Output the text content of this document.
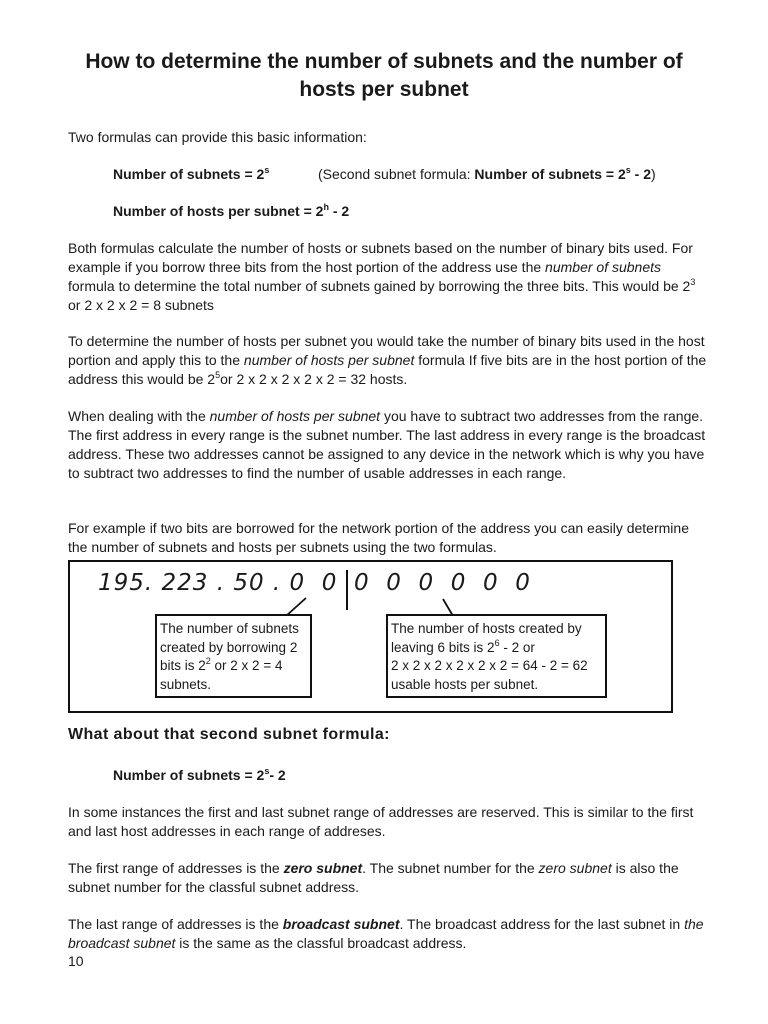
How to determine the number of subnets and the number of hosts per subnet
Two formulas can provide this basic information:
Number of subnets = $2^s$	(Second subnet formula: Number of subnets = $2^s - 2$)
Number of hosts per subnet = $2^h - 2$
Both formulas calculate the number of hosts or subnets based on the number of binary bits used. For example if you borrow three bits from the host portion of the address use the number of subnets formula to determine the total number of subnets gained by borrowing the three bits. This would be $2^3$ or 2 x 2 x 2 = 8 subnets
To determine the number of hosts per subnet you would take the number of binary bits used in the host portion and apply this to the number of hosts per subnet formula If five bits are in the host portion of the address this would be $2^5or$ 2 x 2 x 2 x 2 x 2 = 32 hosts.
When dealing with the number of hosts per subnet you have to subtract two addresses from the range. The first address in every range is the subnet number. The last address in every range is the broadcast address. These two addresses cannot be assigned to any device in the network which is why you have to subtract two addresses to find the number of usable addresses in each range.
For example if two bits are borrowed for the network portion of the address you can easily determine the number of subnets and hosts per subnets using the two formulas.
195. 223 . 50 . 0  0 0  0  0  0  0  0
The number of subnets created by borrowing 2 bits is $2^2$ or 2 x 2 = 4 subnets.
The number of hosts created by leaving 6 bits is $2^6 - 2$ or
2 x 2 x 2 x 2 x 2 x 2 = 64 - 2 = 62 usable hosts per subnet.
What about that second subnet formula:
Number of subnets = $2^s-$ 2
In some instances the first and last subnet range of addresses are reserved. This is similar to the first and last host addresses in each range of addreses.
The first range of addresses is the zero subnet. The subnet number for the zero subnet is also the subnet number for the classful subnet address.
The last range of addresses is the broadcast subnet. The broadcast address for the last subnet in the broadcast subnet is the same as the classful broadcast address.
10
